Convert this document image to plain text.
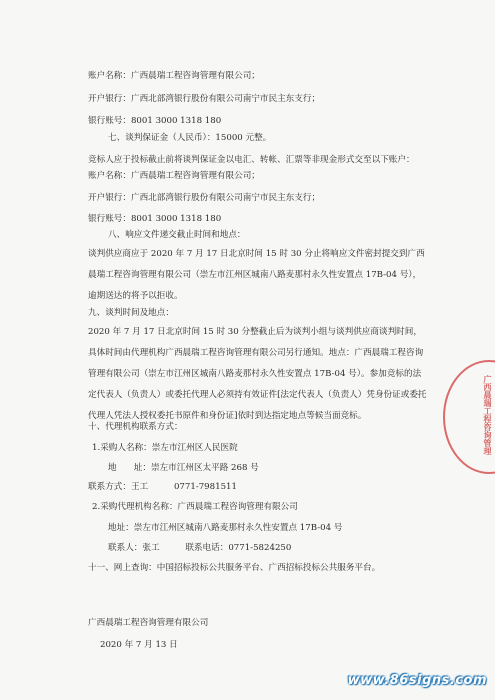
账户名称：广西晨瑞工程咨询管理有限公司；
开户银行：广西北部湾银行股份有限公司南宁市民主东支行；
银行账号：8001 3000 1318 180
七、谈判保证金（人民币）：15000 元整。
竞标人应于投标截止前将谈判保证金以电汇、转帐、汇票等非现金形式交至以下账户：
账户名称：广西晨瑞工程咨询管理有限公司；
开户银行：广西北部湾银行股份有限公司南宁市民主东支行；
银行账号：8001 3000 1318 180
八、响应文件递交截止时间和地点：
谈判供应商应于 2020 年 7 月 17 日北京时间 15 时 30 分止将响应文件密封提交到广西晨瑞工程咨询管理有限公司（崇左市江州区城南八路麦那村永久性安置点 17B-04 号），逾期送达的将予以拒收。
九、谈判时间及地点：
2020 年 7 月 17 日北京时间 15 时 30 分整截止后为谈判小组与谈判供应商谈判时间，具体时间由代理机构广西晨瑞工程咨询管理有限公司另行通知。地点：广西晨瑞工程咨询管理有限公司（崇左市江州区城南八路麦那村永久性安置点 17B-04 号）。参加竞标的法定代表人（负责人）或委托代理人必须持有效证件[法定代表人（负责人）凭身份证或委托代理人凭法人授权委托书原件和身份证]依时到达指定地点等候当面竞标。
十、代理机构联系方式：
1.采购人名称：崇左市江州区人民医院
地　　址：崇左市江州区太平路 268 号
联系方式：王工　　　0771-7981511
2.采购代理机构名称：广西晨瑞工程咨询管理有限公司
地址：崇左市江州区城南八路麦那村永久性安置点 17B-04 号
联系人：张工　　　联系电话：0771-5824250
十一、网上查询：中国招标投标公共服务平台、广西招标投标公共服务平台。
广西晨瑞工程咨询管理有限公司
2020 年 7 月 13 日
广西晨瑞工程咨询管理
www.86signs.com
